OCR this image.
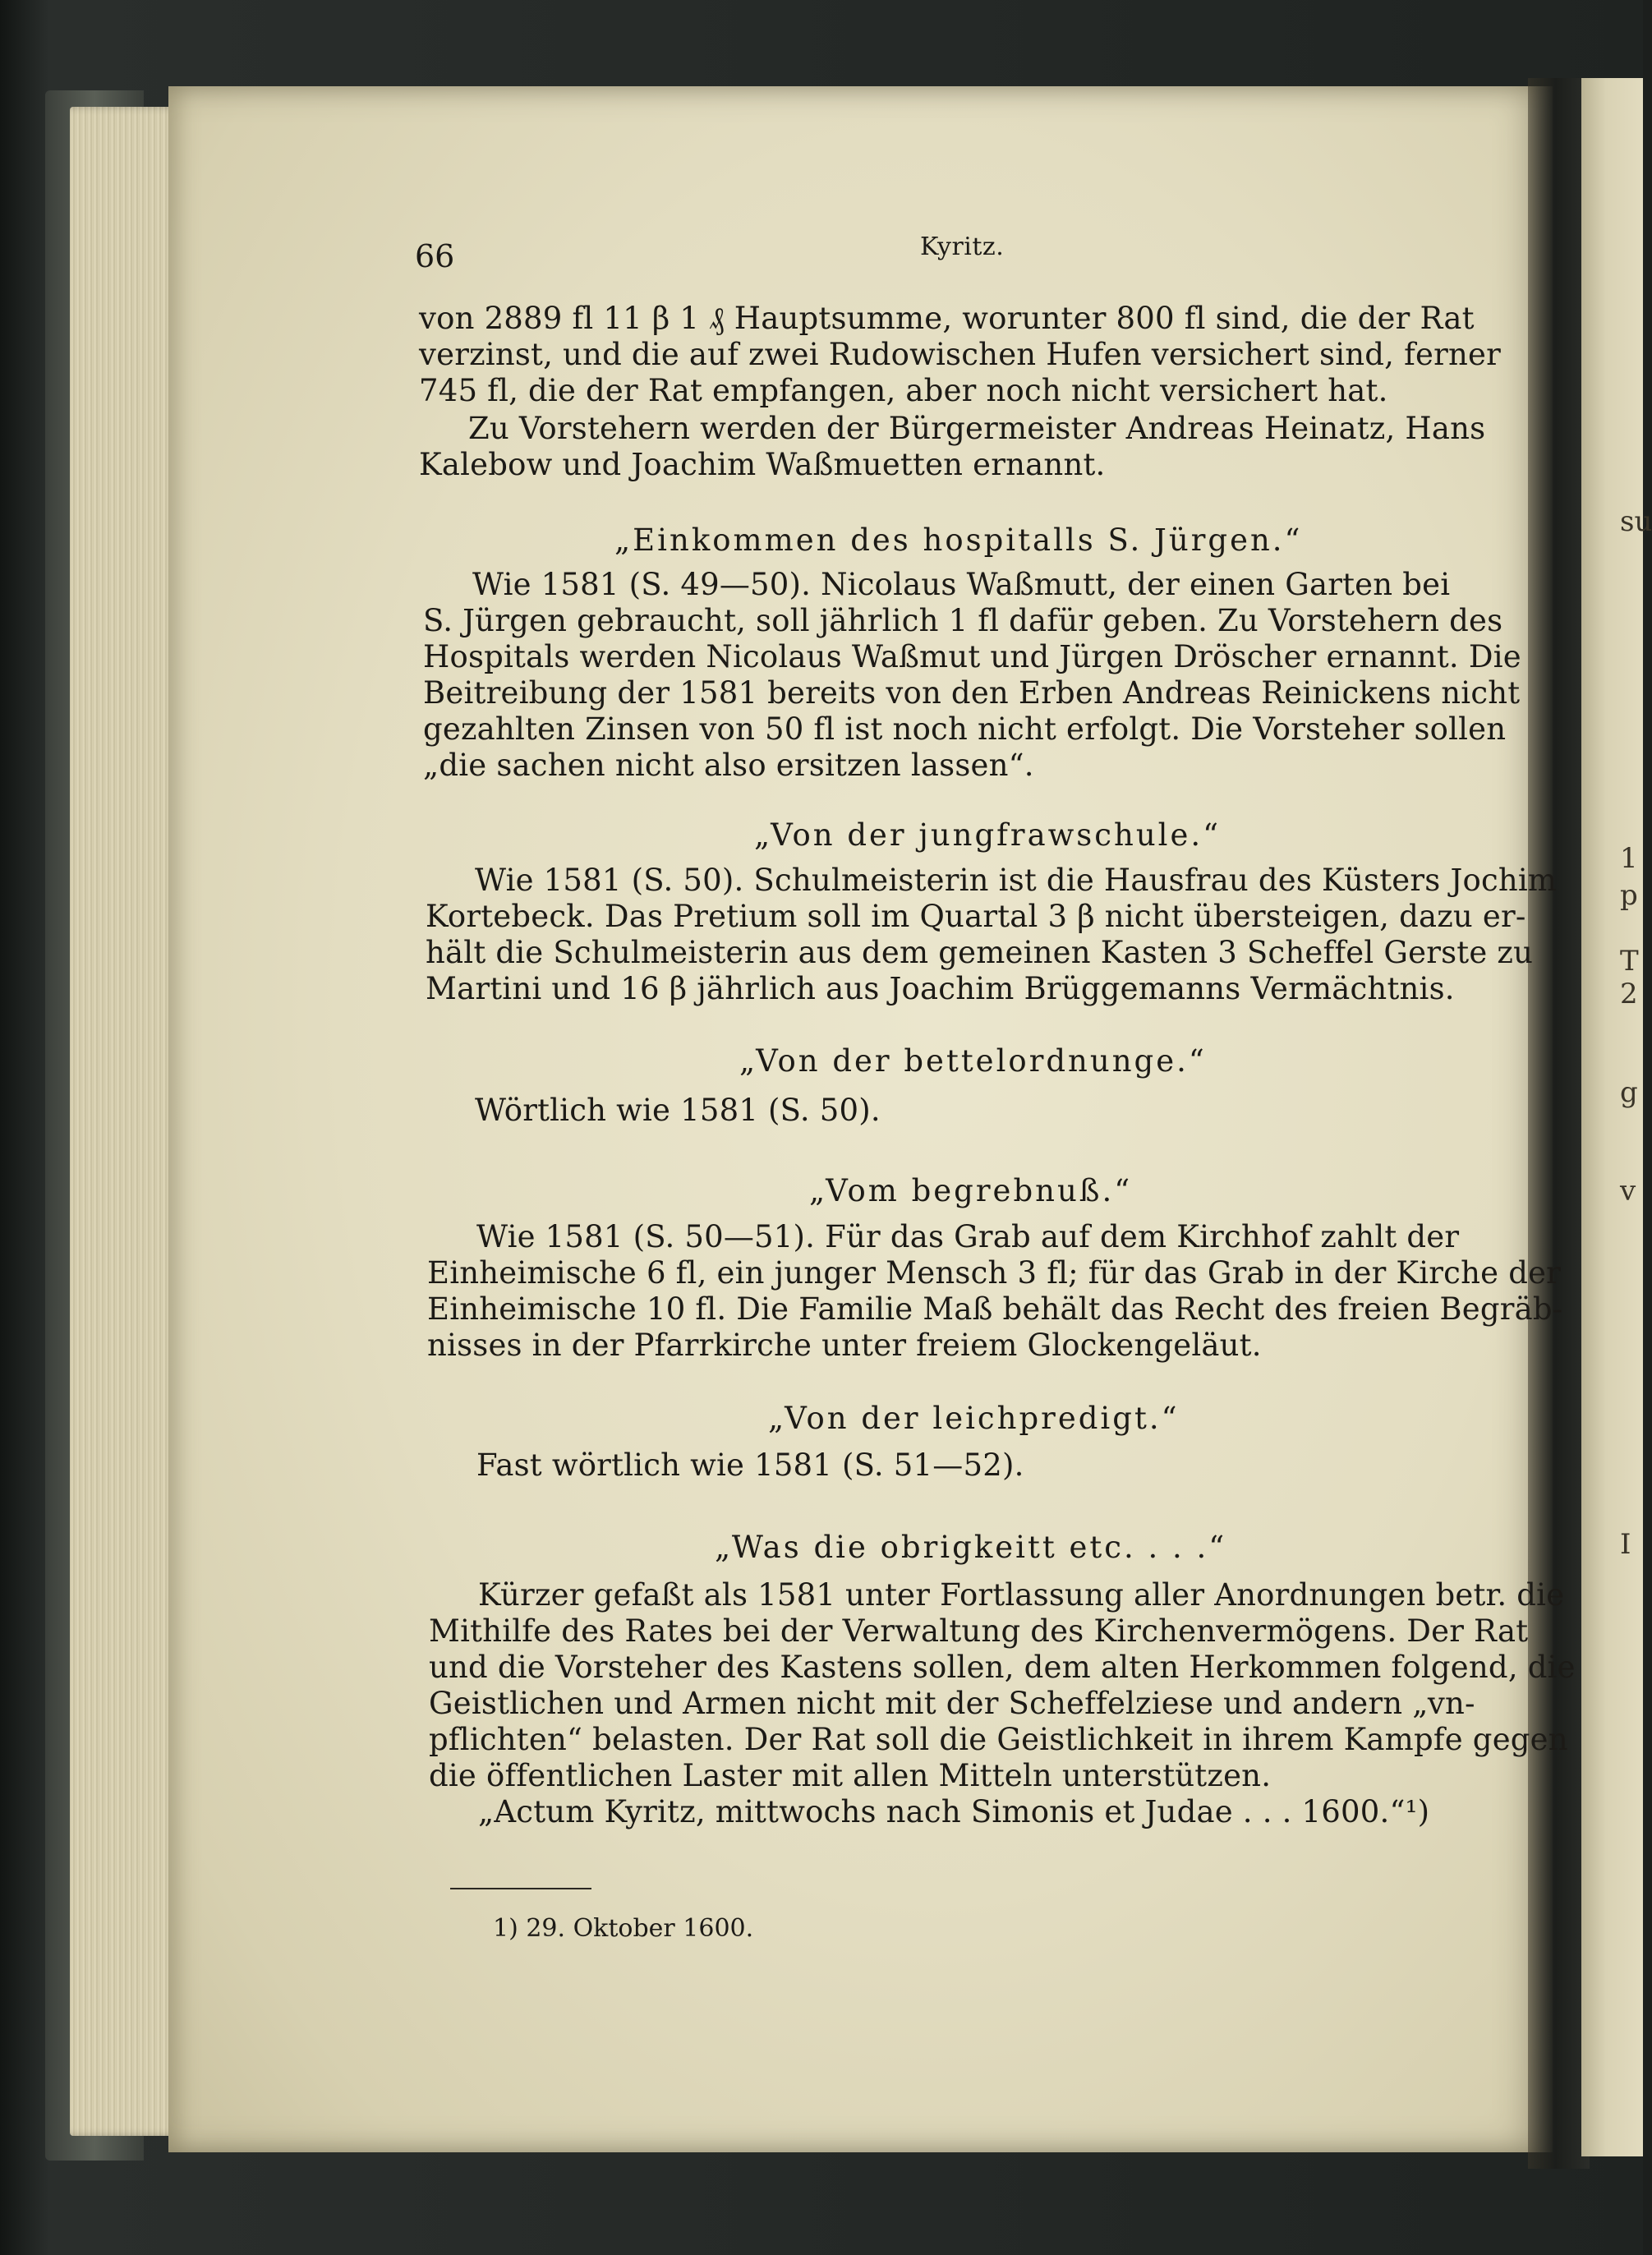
su
1
p
T
2
g
v
I

66	Kyritz.

von 2889 fl 11 β 1 ₰ Hauptsumme, worunter 800 fl sind, die der Rat

verzinst, und die auf zwei Rudowischen Hufen versichert sind, ferner

745 fl, die der Rat empfangen, aber noch nicht versichert hat.

Zu Vorstehern werden der Bürgermeister Andreas Heinatz, Hans

Kalebow und Joachim Waßmuetten ernannt.

„Einkommen des hospitalls S. Jürgen.“

Wie 1581 (S. 49—50). Nicolaus Waßmutt, der einen Garten bei

S. Jürgen gebraucht, soll jährlich 1 fl dafür geben. Zu Vorstehern des

Hospitals werden Nicolaus Waßmut und Jürgen Dröscher ernannt. Die

Beitreibung der 1581 bereits von den Erben Andreas Reinickens nicht

gezahlten Zinsen von 50 fl ist noch nicht erfolgt. Die Vorsteher sollen

„die sachen nicht also ersitzen lassen“.

„Von der jungfrawschule.“

Wie 1581 (S. 50). Schulmeisterin ist die Hausfrau des Küsters Jochim

Kortebeck. Das Pretium soll im Quartal 3 β nicht übersteigen, dazu er-

hält die Schulmeisterin aus dem gemeinen Kasten 3 Scheffel Gerste zu

Martini und 16 β jährlich aus Joachim Brüggemanns Vermächtnis.

„Von der bettelordnunge.“

Wörtlich wie 1581 (S. 50).

„Vom begrebnuß.“

Wie 1581 (S. 50—51). Für das Grab auf dem Kirchhof zahlt der

Einheimische 6 fl, ein junger Mensch 3 fl; für das Grab in der Kirche der

Einheimische 10 fl. Die Familie Maß behält das Recht des freien Begräb-

nisses in der Pfarrkirche unter freiem Glockengeläut.

„Von der leichpredigt.“

Fast wörtlich wie 1581 (S. 51—52).

„Was die obrigkeitt etc. . . .“

Kürzer gefaßt als 1581 unter Fortlassung aller Anordnungen betr. die

Mithilfe des Rates bei der Verwaltung des Kirchenvermögens. Der Rat

und die Vorsteher des Kastens sollen, dem alten Herkommen folgend, die

Geistlichen und Armen nicht mit der Scheffelziese und andern „vn-

pflichten“ belasten. Der Rat soll die Geistlichkeit in ihrem Kampfe gegen

die öffentlichen Laster mit allen Mitteln unterstützen.

„Actum Kyritz, mittwochs nach Simonis et Judae . . . 1600.“¹)

1) 29. Oktober 1600.
